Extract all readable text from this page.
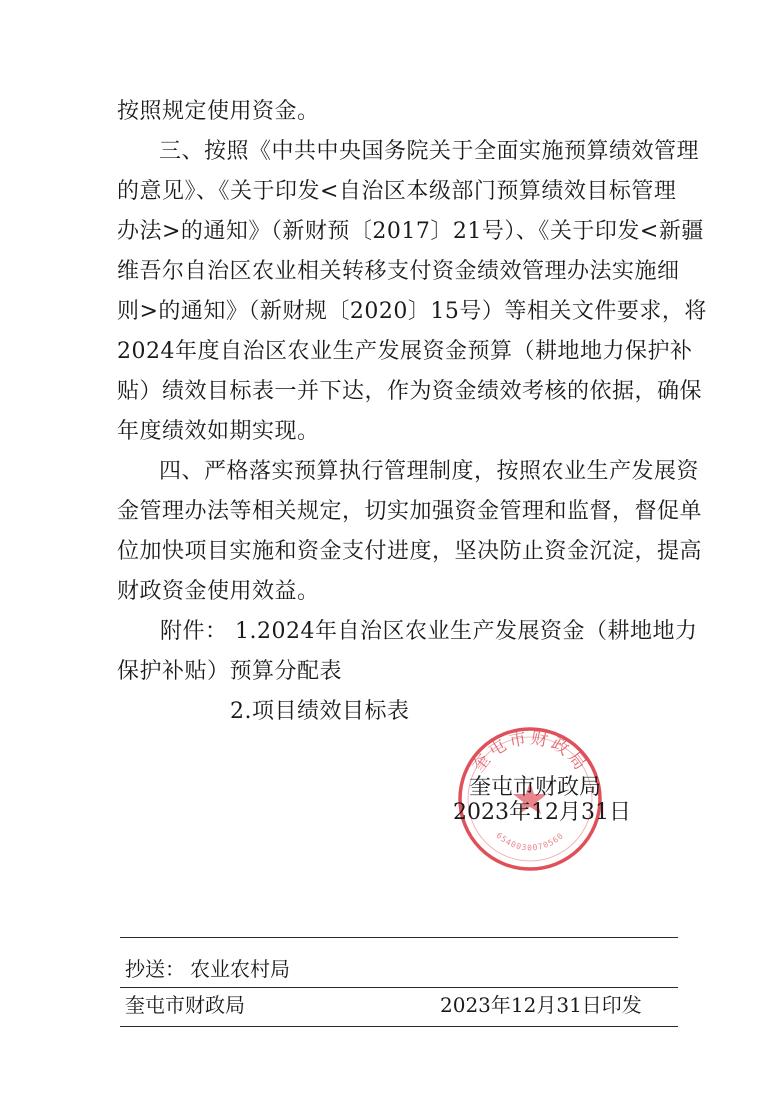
按照规定使用资金。
三、按照《中共中央国务院关于全面实施预算绩效管理
的意见》、《关于印发<自治区本级部门预算绩效目标管理
办法>的通知》（新财预〔2017〕21号）、《关于印发<新疆
维吾尔自治区农业相关转移支付资金绩效管理办法实施细
则>的通知》（新财规〔2020〕15号）等相关文件要求，将
2024年度自治区农业生产发展资金预算（耕地地力保护补
贴）绩效目标表一并下达，作为资金绩效考核的依据，确保
年度绩效如期实现。
四、严格落实预算执行管理制度，按照农业生产发展资
金管理办法等相关规定，切实加强资金管理和监督，督促单
位加快项目实施和资金支付进度，坚决防止资金沉淀，提高
财政资金使用效益。
附件： 1.2024年自治区农业生产发展资金（耕地地力
保护补贴）预算分配表
2.项目绩效目标表
奎屯市财政局
6540030070560
奎屯市财政局
2023年12月31日
抄送： 农业农村局
奎屯市财政局	2023年12月31日印发
